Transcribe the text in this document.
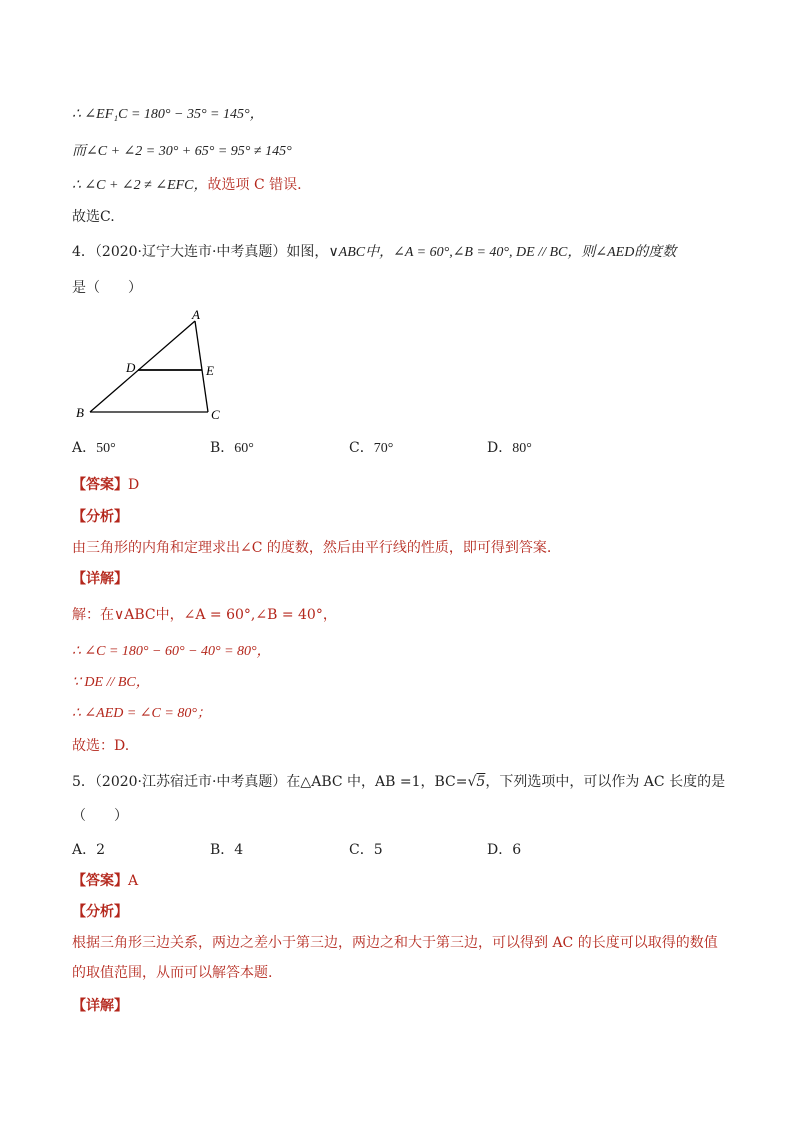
∴ ∠EF₁C = 180° − 35° = 145°，
而∠C + ∠2 = 30° + 65° = 95° ≠ 145°
∴ ∠C + ∠2 ≠ ∠EFC，故选项 C 错误.
故选C.
4．（2020·辽宁大连市·中考真题）如图，∨ABC中，∠A = 60°,∠B = 40°, DE // BC，则∠AED的度数
是（　　）
A
B	C
D	E
A．50°	B．60°	C．70°	D．80°
【答案】D
【分析】
由三角形的内角和定理求出∠C 的度数，然后由平行线的性质，即可得到答案.
【详解】
解：在∨ABC中，∠A = 60°,∠B = 40°，
∴ ∠C = 180° − 60° − 40° = 80°，
∵ DE // BC，
∴ ∠AED = ∠C = 80°；
故选：D.
5．（2020·江苏宿迁市·中考真题）在△ABC 中，AB =1，BC=√5，下列选项中，可以作为 AC 长度的是
（　　）
A．2	B．4	C．5	D．6
【答案】A
【分析】
根据三角形三边关系，两边之差小于第三边，两边之和大于第三边，可以得到 AC 的长度可以取得的数值
的取值范围，从而可以解答本题.
【详解】
